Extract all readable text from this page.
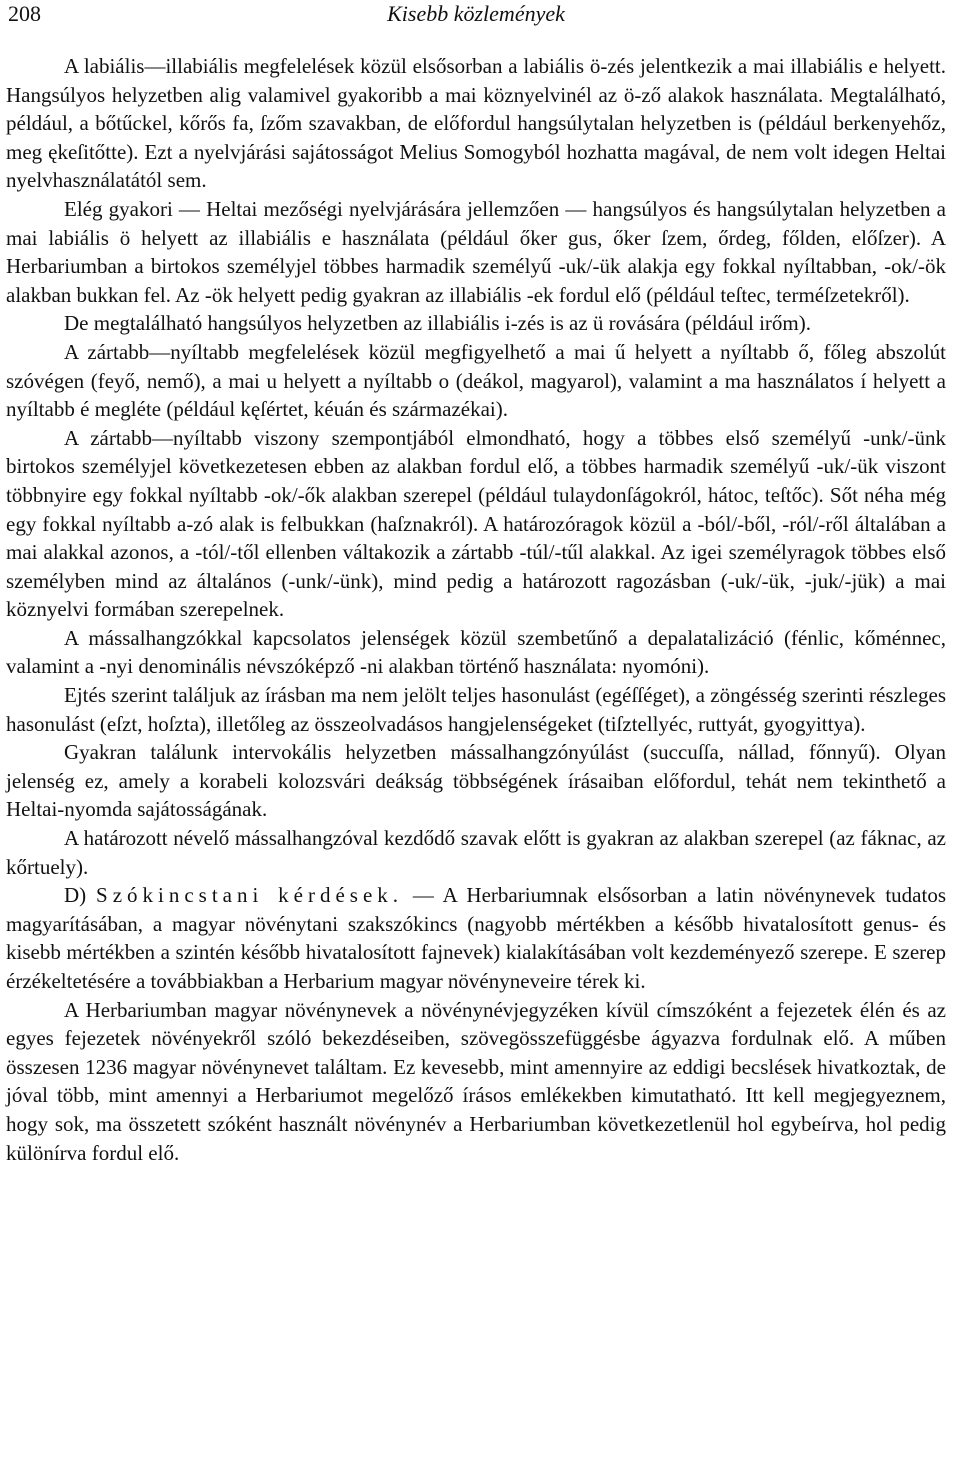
208	Kisebb közlemények

A labiális—illabiális megfelelések közül elsősorban a labiális ö-zés jelentkezik a mai illabiális e helyett. Hangsúlyos helyzetben alig valamivel gyakoribb a mai köznyelvinél az ö-ző alakok használata. Megtalálható, például, a bőtűckel, kőrős fa, ſzőm szavakban, de előfordul hangsúlytalan helyzetben is (például berkenyehőz, meg ękeſitőtte). Ezt a nyelvjárási sajátosságot Melius Somogyból hozhatta magával, de nem volt idegen Heltai nyelvhasználatától sem.

Elég gyakori — Heltai mezőségi nyelvjárására jellemzően — hangsúlyos és hangsúlytalan helyzetben a mai labiális ö helyett az illabiális e használata (például őker gus, őker ſzem, őrdeg, főlden, előſzer). A Herbariumban a birtokos személyjel többes harmadik személyű -uk/-ük alakja egy fokkal nyíltabban, -ok/-ök alakban bukkan fel. Az -ök helyett pedig gyakran az illabiális -ek fordul elő (például teſtec, terméſzetekről).

De megtalálható hangsúlyos helyzetben az illabiális i-zés is az ü rovására (például irőm).

A zártabb—nyíltabb megfelelések közül megfigyelhető a mai ű helyett a nyíltabb ő, főleg abszolút szóvégen (feyő, nemő), a mai u helyett a nyíltabb o (deákol, magyarol), valamint a ma használatos í helyett a nyíltabb é megléte (például kęſértet, kéuán és származékai).

A zártabb—nyíltabb viszony szempontjából elmondható, hogy a többes első személyű -unk/-ünk birtokos személyjel következetesen ebben az alakban fordul elő, a többes harmadik személyű -uk/-ük viszont többnyire egy fokkal nyíltabb -ok/-ők alakban szerepel (például tulaydonſágokról, hátoc, teſtőc). Sőt néha még egy fokkal nyíltabb a-zó alak is felbukkan (haſznakról). A határozóragok közül a -ból/-ből, -ról/-ről általában a mai alakkal azonos, a -tól/-től ellenben váltakozik a zártabb -túl/-tűl alakkal. Az igei személyragok többes első személyben mind az általános (-unk/-ünk), mind pedig a határozott ragozásban (-uk/-ük, -juk/-jük) a mai köznyelvi formában szerepelnek.

A mássalhangzókkal kapcsolatos jelenségek közül szembetűnő a depalatalizáció (fénlic, kőménnec, valamint a -nyi denominális névszóképző -ni alakban történő használata: nyomóni).

Ejtés szerint találjuk az írásban ma nem jelölt teljes hasonulást (egéſſéget), a zöngésség szerinti részleges hasonulást (eſzt, hoſzta), illetőleg az összeolvadásos hangjelenségeket (tiſztellyéc, ruttyát, gyogyittya).

Gyakran találunk intervokális helyzetben mássalhangzónyúlást (succuſſa, nállad, főnnyű). Olyan jelenség ez, amely a korabeli kolozsvári deákság többségének írásaiban előfordul, tehát nem tekinthető a Heltai-nyomda sajátosságának.

A határozott névelő mássalhangzóval kezdődő szavak előtt is gyakran az alakban szerepel (az fáknac, az kőrtuely).

D) Szókincstani kérdések. — A Herbariumnak elsősorban a latin növénynevek tudatos magyarításában, a magyar növénytani szakszókincs (nagyobb mértékben a később hivatalosított genus- és kisebb mértékben a szintén később hivatalosított fajnevek) kialakításában volt kezdeményező szerepe. E szerep érzékeltetésére a továbbiakban a Herbarium magyar növényneveire térek ki.

A Herbariumban magyar növénynevek a növénynévjegyzéken kívül címszóként a fejezetek élén és az egyes fejezetek növényekről szóló bekezdéseiben, szövegösszefüggésbe ágyazva fordulnak elő. A műben összesen 1236 magyar növénynevet találtam. Ez kevesebb, mint amennyire az eddigi becslések hivatkoztak, de jóval több, mint amennyi a Herbariumot megelőző írásos emlékekben kimutatható. Itt kell megjegyeznem, hogy sok, ma összetett szóként használt növénynév a Herbariumban következetlenül hol egybeírva, hol pedig különírva fordul elő.
